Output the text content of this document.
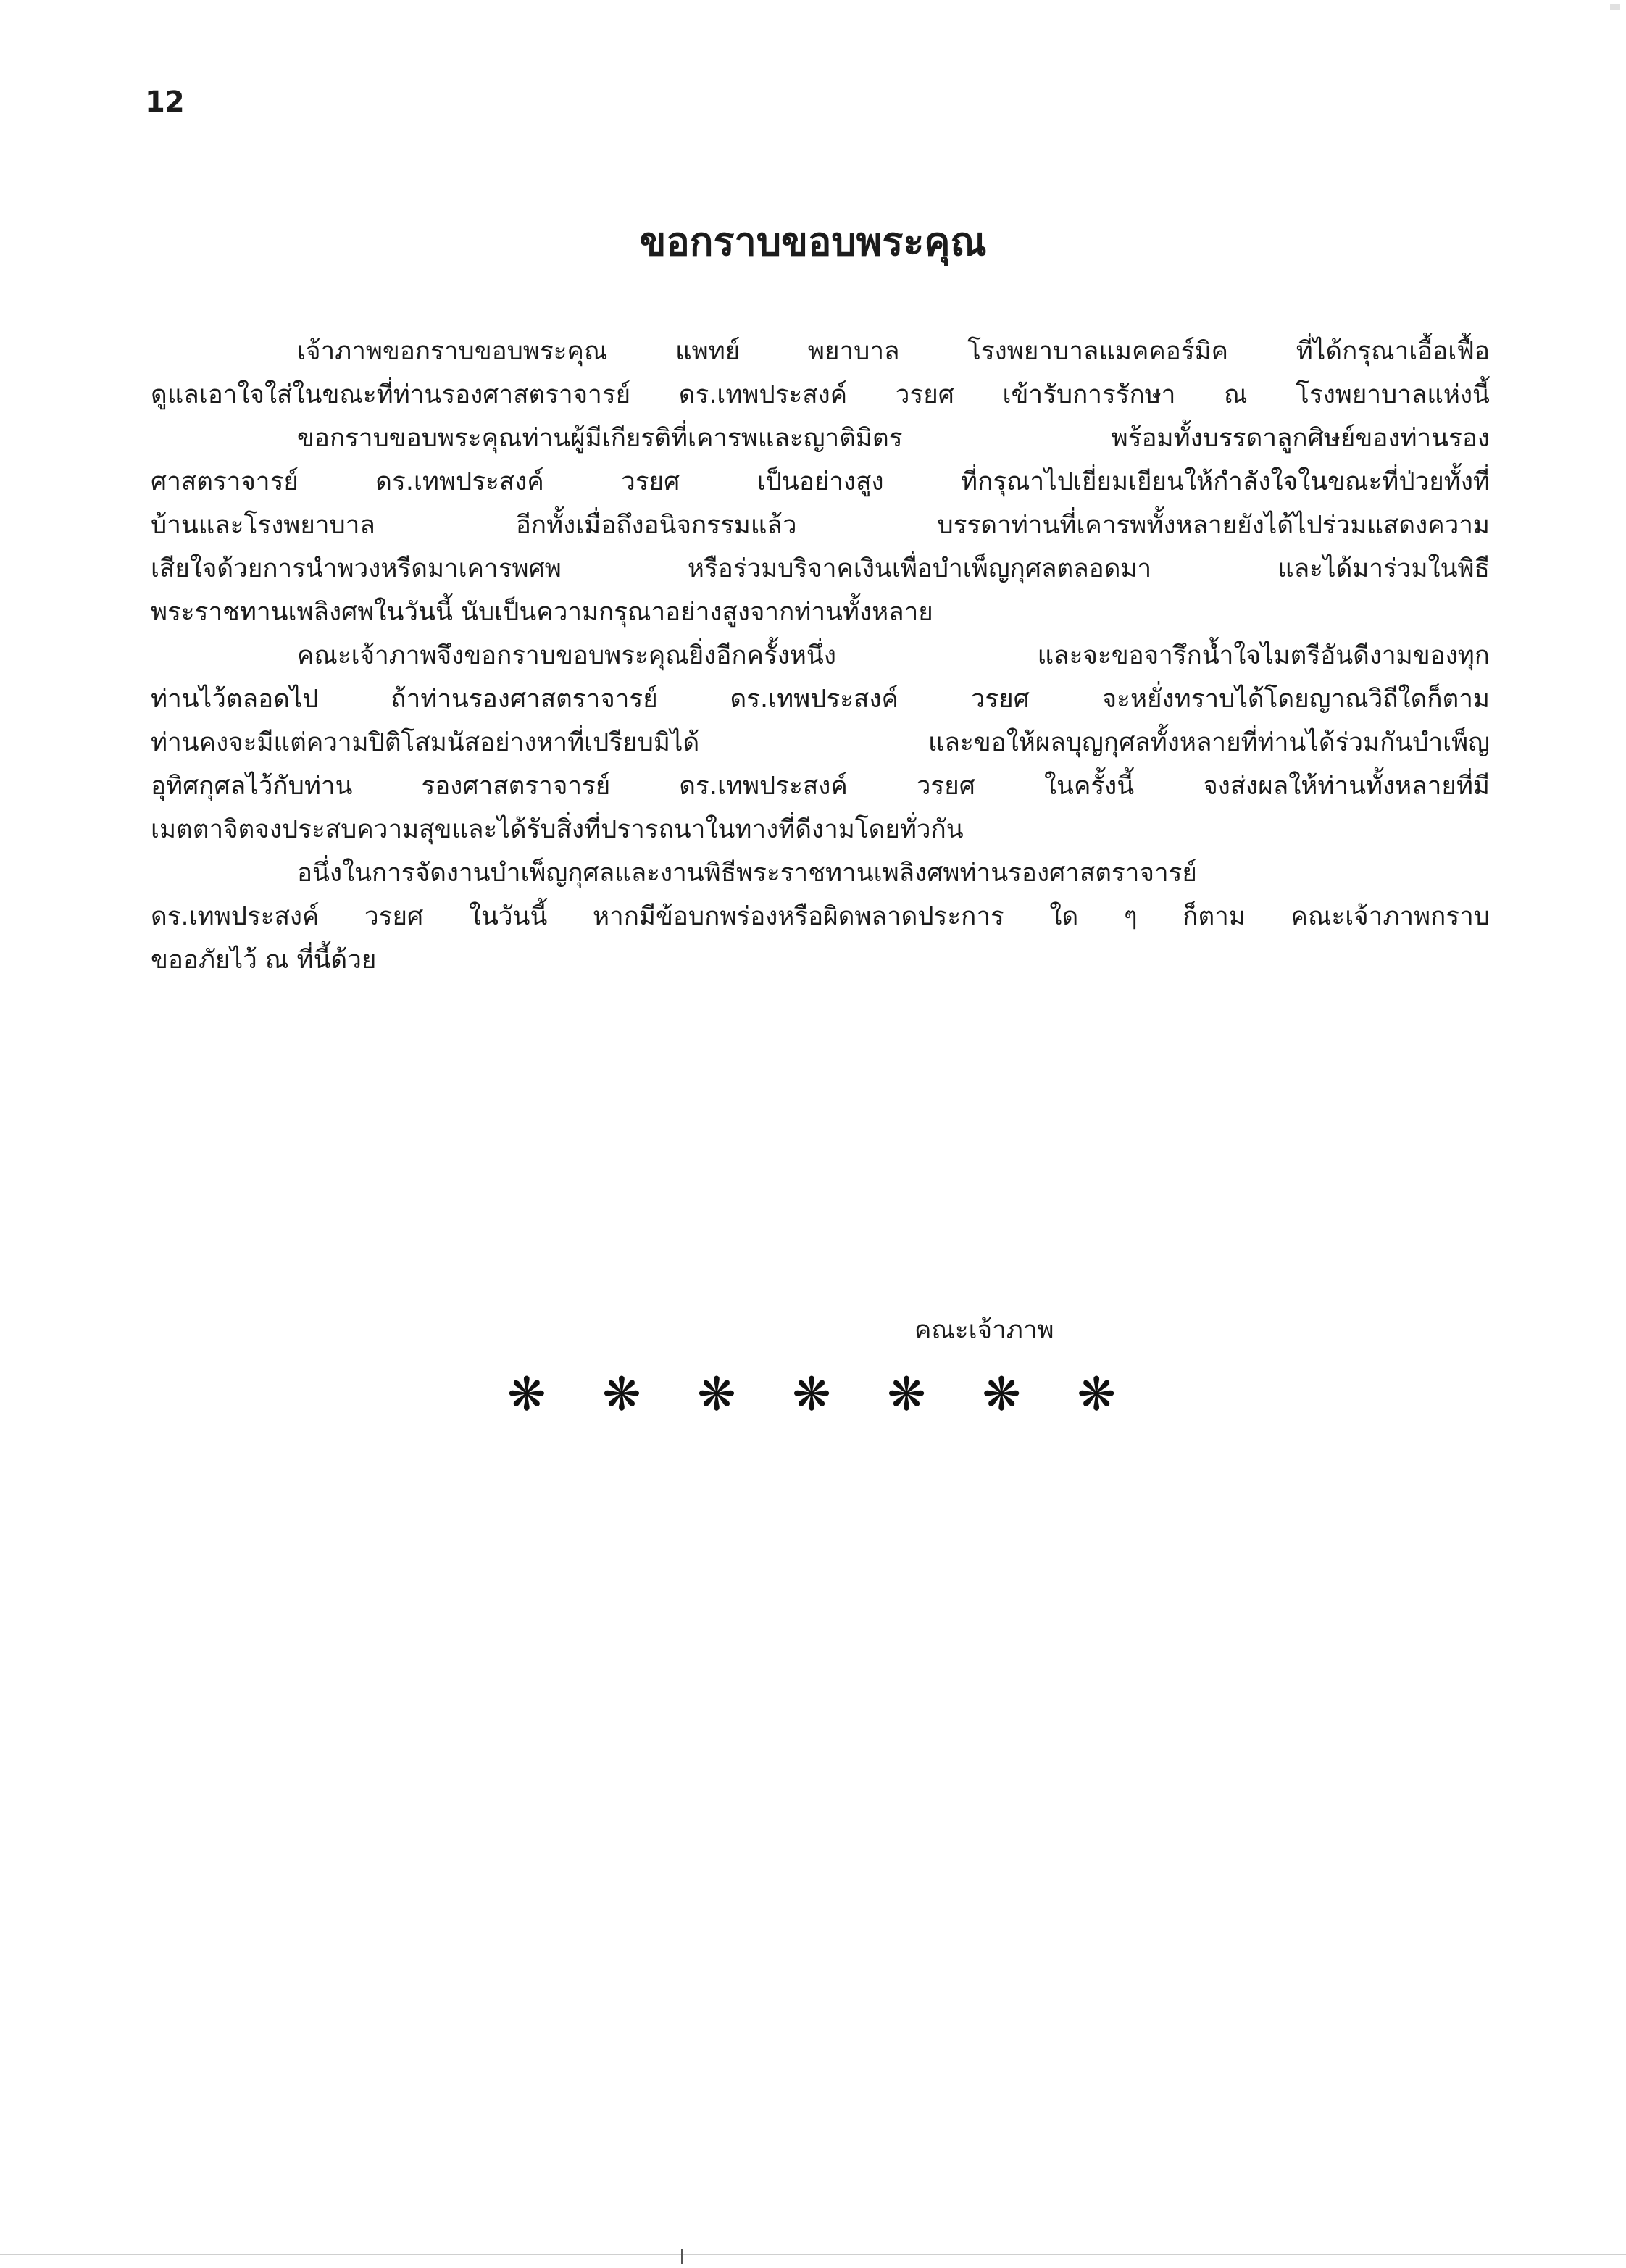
12
ขอกราบขอบพระคุณ
เจ้าภาพขอกราบขอบพระคุณ แพทย์ พยาบาล โรงพยาบาลแมคคอร์มิค ที่ได้กรุณาเอื้อเฟื้อ
ดูแลเอาใจใส่ในขณะที่ท่านรองศาสตราจารย์ ดร.เทพประสงค์ วรยศ เข้ารับการรักษา ณ โรงพยาบาลแห่งนี้
ขอกราบขอบพระคุณท่านผู้มีเกียรติที่เคารพและญาติมิตร พร้อมทั้งบรรดาลูกศิษย์ของท่านรอง
ศาสตราจารย์ ดร.เทพประสงค์ วรยศ เป็นอย่างสูง ที่กรุณาไปเยี่ยมเยียนให้กำลังใจในขณะที่ป่วยทั้งที่
บ้านและโรงพยาบาล อีกทั้งเมื่อถึงอนิจกรรมแล้ว บรรดาท่านที่เคารพทั้งหลายยังได้ไปร่วมแสดงความ
เสียใจด้วยการนำพวงหรีดมาเคารพศพ หรือร่วมบริจาคเงินเพื่อบำเพ็ญกุศลตลอดมา และได้มาร่วมในพิธี
พระราชทานเพลิงศพในวันนี้ นับเป็นความกรุณาอย่างสูงจากท่านทั้งหลาย
คณะเจ้าภาพจึงขอกราบขอบพระคุณยิ่งอีกครั้งหนึ่ง และจะขอจารึกน้ำใจไมตรีอันดีงามของทุก
ท่านไว้ตลอดไป ถ้าท่านรองศาสตราจารย์ ดร.เทพประสงค์ วรยศ จะหยั่งทราบได้โดยญาณวิถีใดก็ตาม
ท่านคงจะมีแต่ความปิติโสมนัสอย่างหาที่เปรียบมิได้ และขอให้ผลบุญกุศลทั้งหลายที่ท่านได้ร่วมกันบำเพ็ญ
อุทิศกุศลไว้กับท่าน รองศาสตราจารย์ ดร.เทพประสงค์ วรยศ ในครั้งนี้ จงส่งผลให้ท่านทั้งหลายที่มี
เมตตาจิตจงประสบความสุขและได้รับสิ่งที่ปรารถนาในทางที่ดีงามโดยทั่วกัน
อนึ่งในการจัดงานบำเพ็ญกุศลและงานพิธีพระราชทานเพลิงศพท่านรองศาสตราจารย์
ดร.เทพประสงค์ วรยศ ในวันนี้ หากมีข้อบกพร่องหรือผิดพลาดประการ ใด ๆ ก็ตาม คณะเจ้าภาพกราบ
ขออภัยไว้ ณ ที่นี้ด้วย
คณะเจ้าภาพ
❋ ❋ ❋ ❋ ❋ ❋ ❋
